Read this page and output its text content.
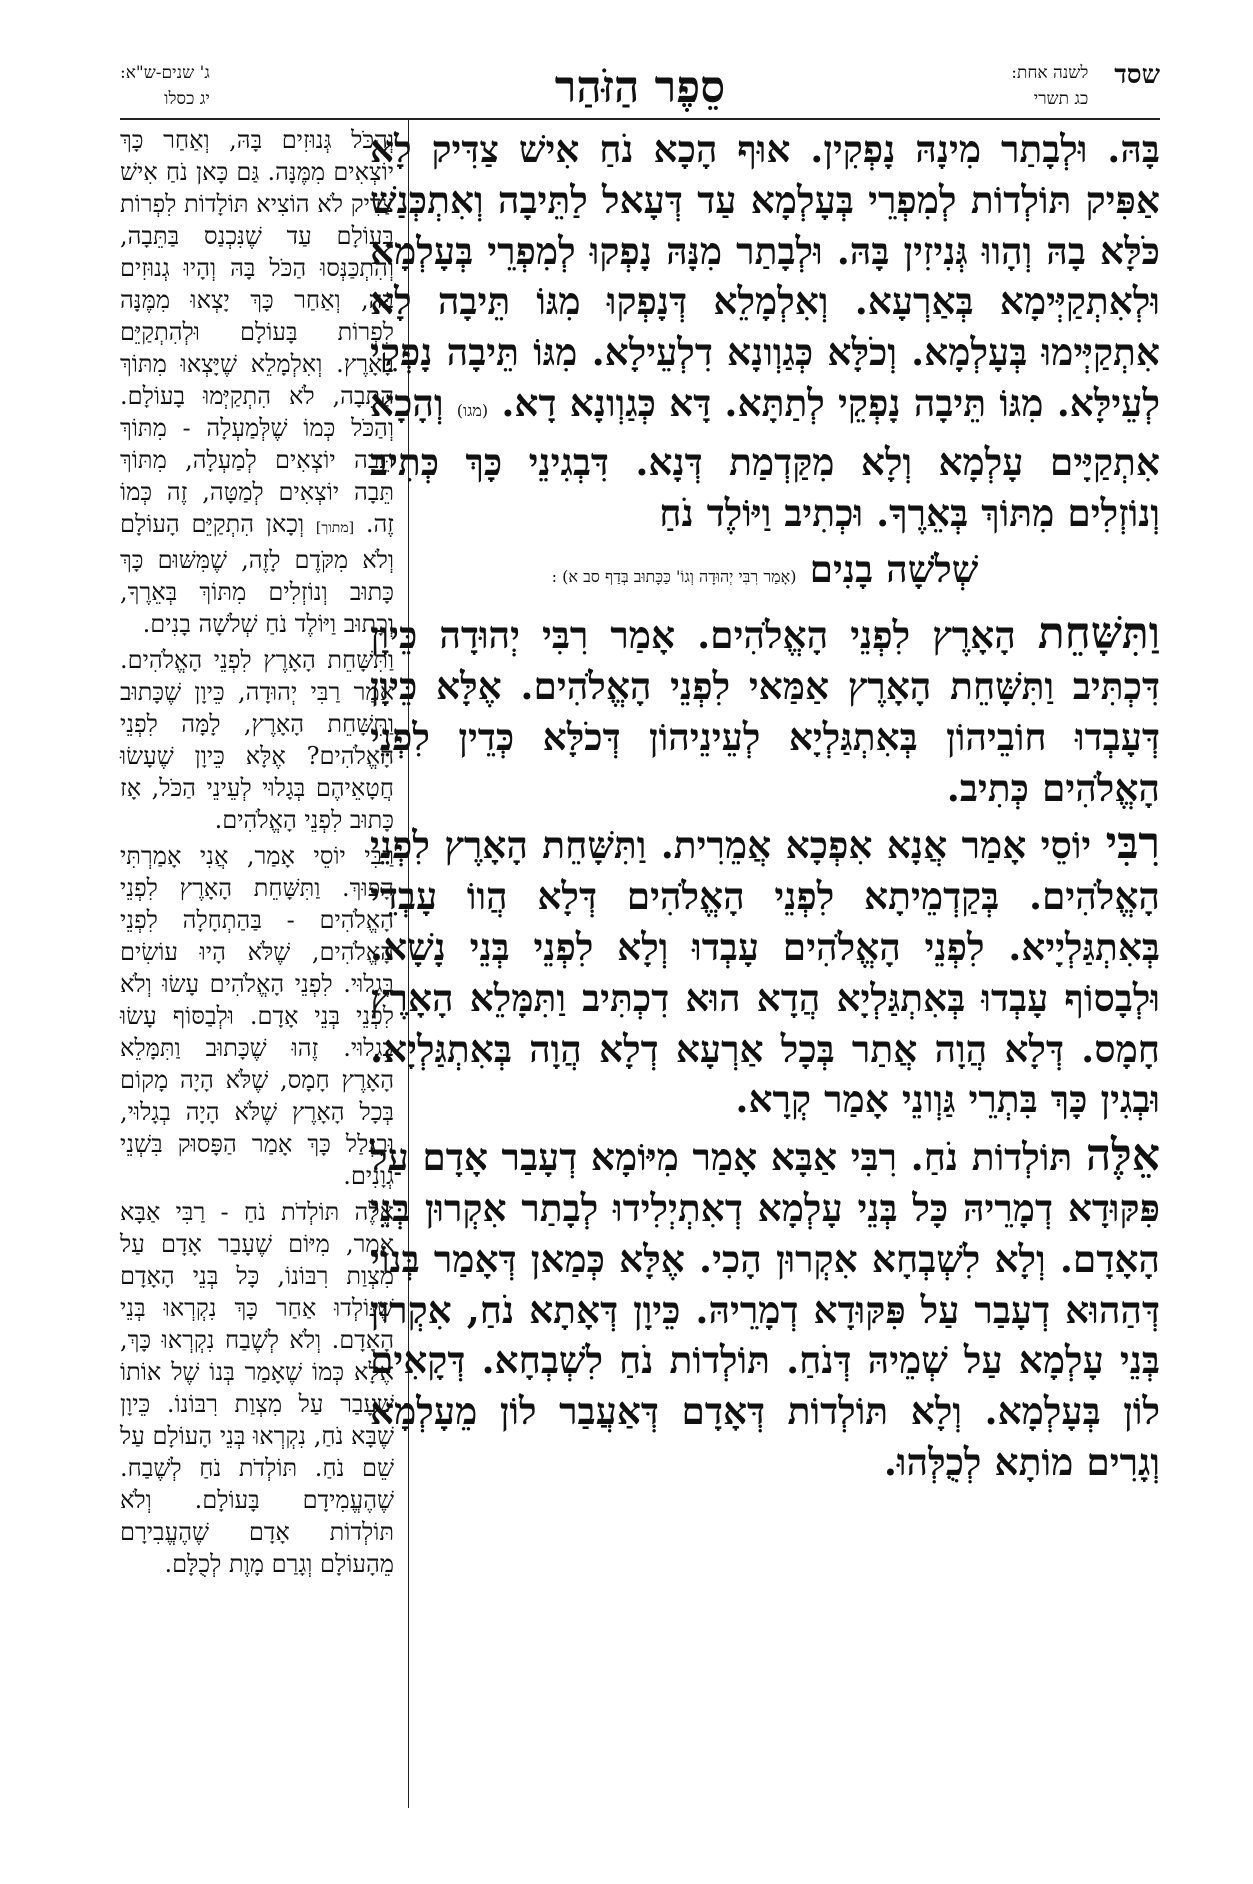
שסד
לשנה אחת:
כג תשרי
סֵפֶר הַזֹּהַר
ג' שנים-ש"א:
יג כסלו

בָּהּ. וּלְבָתַר מִינָהּ נָפְקִין. אוּף הָכָא נֹחַ אִישׁ צַדִּיק לָא אַפִּיק תּוֹלְדוֹת לְמִפְרֵי בְּעָלְמָא עַד דְּעָאל לַתֵּיבָה וְאִתְכְּנַשׁ כֹּלָּא בָהּ וְהָווּ גְּנִיזִין בָּהּ. וּלְבָתַר מִנָּהּ נָפְקוּ לְמִפְרֵי בְּעָלְמָא וּלְאִתְקַיְּימָא בְּאַרְעָא. וְאִלְמָלֵא דְּנָפְקוּ מִגּוֹ תֵּיבָה לָא אִתְקַיְּימוּ בְּעָלְמָא. וְכֹלָּא כְּגַוְונָא דִלְעֵילָא. מִגּוֹ תֵּיבָה נָפְקֵי לְעֵילָּא. מִגּוֹ תֵּיבָה נָפְקֵי לְתַתָּא. דָּא כְּגַוְונָא דָא. (מגו) וְהָכָא אִתְקַיָּים עָלְמָא וְלָא מִקַּדְמַת דְּנָא. דִּבְגִינֵי כָּךְ כְּתִיב וְנוֹזְלִים מִתּוֹךְ בְּאֵרֶךָ. וּכְתִיב וַיּוֹלֶד נֹחַ

שְׁלֹשָׁה בָנִים (אָמַר רִבִּי יְהוּדָה וְגוֹ' כַּכָּתוּב בְּדַף סב א) :

וַתִּשָּׁחֵת הָאָרֶץ לִפְנֵי הָאֱלֹהִים. אָמַר רִבִּי יְהוּדָה כֵּיוָן דִּכְתִּיב וַתִּשָּׁחֵת הָאָרֶץ אַמַּאי לִפְנֵי הָאֱלֹהִים. אֶלָּא כֵּיוָן דְּעָבְדוּ חוֹבֵיהוֹן בְּאִתְגַּלְיָא לְעֵינֵיהוֹן דְּכֹלָּא כְּדֵין לִפְנֵי הָאֱלֹהִים כְּתִיב.

רִבִּי יוֹסֵי אָמַר אֲנָא אִפְכָא אֲמֵרִית. וַתִּשָּׁחֵת הָאָרֶץ לִפְנֵי הָאֱלֹהִים. בְּקַדְמֵיתָא לִפְנֵי הָאֱלֹהִים דְּלָא הֲווֹ עָבְדֵי בְּאִתְגַּלְיָיא. לִפְנֵי הָאֱלֹהִים עָבְדוּ וְלָא לִפְנֵי בְּנֵי נָשָׁא. וּלְבָסוֹף עָבְדוּ בְּאִתְגַּלְיָא הֲדָא הוּא דִכְתִּיב וַתִּמָּלֵא הָאָרֶץ חָמָס. דְּלָא הֲוָה אֲתַר בְּכָל אַרְעָא דְלָא הֲוָה בְּאִתְגַּלְיָא. וּבְגִין כָּךְ בִּתְרֵי גַּוְונֵי אָמַר קְרָא.

אֵלֶּה תּוֹלְדוֹת נֹחַ. רִבִּי אַבָּא אָמַר מִיּוֹמָא דְעָבַר אָדָם עַל פִּקּוּדָא דְמָרֵיהּ כָּל בְּנֵי עָלְמָא דְאִתְיְלִידוּ לְבָתַר אִקְרוּן בְּנֵי הָאָדָם. וְלָא לִשְׁבְחָא אִקְרוּן הָכִי. אֶלָּא כְּמַאן דְּאָמַר בְּנוֹי דְּהַהוּא דְעָבַר עַל פִּקּוּדָא דְמָרֵיהּ. כֵּיוָן דְּאָתָא נֹחַ, אִקְרוּן בְּנֵי עָלְמָא עַל שְׁמֵיהּ דְּנֹחַ. תּוֹלְדוֹת נֹחַ לִשְׁבְחָא. דְּקָאִים לוֹן בְּעָלְמָא. וְלָא תּוֹלְדוֹת דְּאָדָם דְּאַעֲבַר לוֹן מֵעָלְמָא וְגָרִים מוֹתָא לְכֻלְּהוּ.

וְהַכֹּל גְּנוּזִים בָּהּ, וְאַחַר כָּךְ יוֹצְאִים מִמֶּנָּה. גַּם כָּאן נֹחַ אִישׁ צַדִּיק לֹא הוֹצִיא תּוֹלָדוֹת לִפְרוֹת בָּעוֹלָם עַד שֶׁנִּכְנַס בַּתֵּבָה, וְהִתְכַּנְּסוּ הַכֹּל בָּהּ וְהָיוּ גְנוּזִים בָּהּ, וְאַחַר כָּךְ יָצְאוּ מִמֶּנָּה לִפְרוֹת בָּעוֹלָם וּלְהִתְקַיֵּם בָּאָרֶץ. וְאִלְמָלֵא שֶׁיָּצְאוּ מִתּוֹךְ הַתֵּבָה, לֹא הִתְקַיְּמוּ בָעוֹלָם. וְהַכֹּל כְּמוֹ שֶׁלְּמַעְלָה - מִתּוֹךְ תֵּבָה יוֹצְאִים לְמַעְלָה, מִתּוֹךְ תֵּבָה יוֹצְאִים לְמַטָּה, זֶה כְּמוֹ זֶה. [מתוך] וְכָאן הִתְקַיֵּם הָעוֹלָם וְלֹא מִקֹּדֶם לָזֶה, שֶׁמִּשּׁוּם כָּךְ כָּתוּב וְנוֹזְלִים מִתּוֹךְ בְּאֵרֶךָ, וְכָתוּב וַיּוֹלֶד נֹחַ שְׁלֹשָׁה בָנִים.

וַתִּשָּׁחֵת הָאָרֶץ לִפְנֵי הָאֱלֹהִים. אָמַר רַבִּי יְהוּדָה, כֵּיוָן שֶׁכָּתוּב וַתִּשָּׁחֵת הָאָרֶץ, לָמָּה לִפְנֵי הָאֱלֹהִים? אֶלָּא כֵּיוָן שֶׁעָשׂוּ חֲטָאֵיהֶם בְּגָלוּי לְעֵינֵי הַכֹּל, אָז כָּתוּב לִפְנֵי הָאֱלֹהִים.

רַבִּי יוֹסֵי אָמַר, אֲנִי אָמַרְתִּי הָפוּךְ. וַתִּשָּׁחֵת הָאָרֶץ לִפְנֵי הָאֱלֹהִים - בַּהַתְחָלָה לִפְנֵי הָאֱלֹהִים, שֶׁלֹּא הָיוּ עוֹשִׂים בְּגָלוּי. לִפְנֵי הָאֱלֹהִים עָשׂוּ וְלֹא לִפְנֵי בְּנֵי אָדָם. וּלְבַסּוֹף עָשׂוּ בְגָלוּי. זֶהוּ שֶׁכָּתוּב וַתִּמָּלֵא הָאָרֶץ חָמָס, שֶׁלֹּא הָיָה מָקוֹם בְּכָל הָאָרֶץ שֶׁלֹּא הָיָה בְגָלוּי, וּבִגְלַל כָּךְ אָמַר הַפָּסוּק בִּשְׁנֵי גְוָנִים.

אֵלֶּה תּוֹלְדֹת נֹחַ - רַבִּי אַבָּא אָמַר, מִיּוֹם שֶׁעָבַר אָדָם עַל מִצְוַת רִבּוֹנוֹ, כָּל בְּנֵי הָאָדָם שֶׁנּוֹלְדוּ אַחַר כָּךְ נִקְרְאוּ בְּנֵי הָאָדָם. וְלֹא לְשֶׁבַח נִקְרְאוּ כָּךְ, אֶלָּא כְּמוֹ שֶׁאָמַר בְּנוֹ שֶׁל אוֹתוֹ שֶׁעָבַר עַל מִצְוַת רִבּוֹנוֹ. כֵּיוָן שֶׁבָּא נֹחַ, נִקְרְאוּ בְּנֵי הָעוֹלָם עַל שֵׁם נֹחַ. תּוֹלְדֹת נֹחַ לְשֶׁבַח. שֶׁהֶעֱמִידָם בָּעוֹלָם. וְלֹא תּוֹלְדוֹת אָדָם שֶׁהֶעֱבִירָם מֵהָעוֹלָם וְגָרַם מָוֶת לְכֻלָּם.
